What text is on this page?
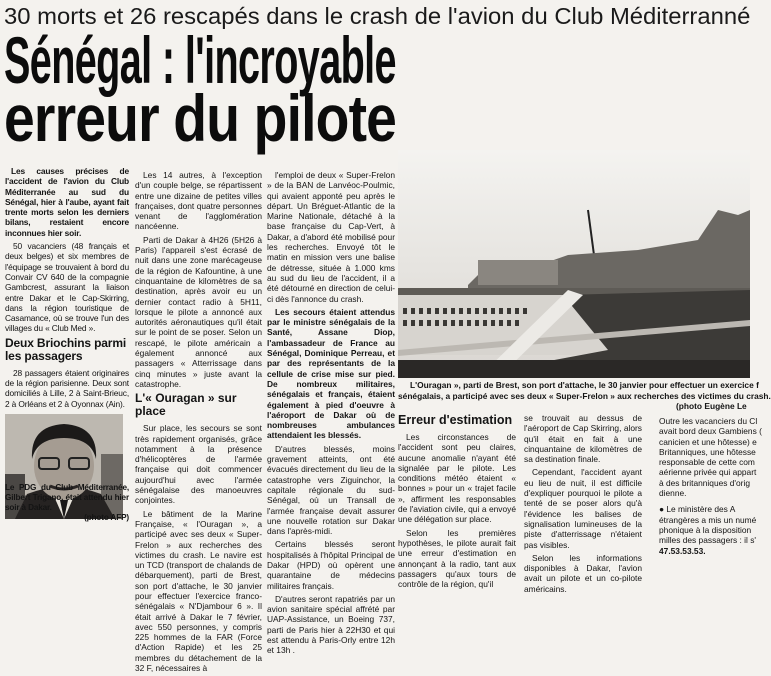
30 morts et 26 rescapés dans le crash de l'avion du Club Méditerranné
Sénégal : l'incroyable
erreur du pilote

Les causes précises de l'accident de l'avion du Club Méditerranée au sud du Sénégal, hier à l'aube, ayant fait trente morts selon les derniers bilans, restaient encore inconnues hier soir.

50 vacanciers (48 français et deux belges) et six membres de l'équipage se trouvaient à bord du Convair CV 640 de la compagnie Gambcrest, assurant la liaison entre Dakar et le Cap-Skirring, dans la région touristique de Casamance, où se trouve l'un des villages du « Club Med ».

Deux Briochins parmi les passagers

28 passagers étaient originaires de la région parisienne. Deux sont domiciliés à Lille, 2 à Saint-Brieuc, 2 à Orléans et 2 à Oyonnax (Ain).

Le PDG du Club Méditerranée, Gilbert Trigano, était attendu hier soir à Dakar.
(photo AFP)

Les 14 autres, à l'exception d'un couple belge, se répartissent entre une dizaine de petites villes françaises, dont quatre personnes venant de l'agglomération nancéenne.

Parti de Dakar à 4H26 (5H26 à Paris) l'appareil s'est écrasé de nuit dans une zone marécageuse de la région de Kafountine, à une cinquantaine de kilomètres de sa destination, après avoir eu un dernier contact radio à 5H11, lorsque le pilote a annoncé aux autorités aéronautiques qu'il était sur le point de se poser. Selon un rescapé, le pilote américain a également annoncé aux passagers « Atterrissage dans cinq minutes » juste avant la catastrophe.

L'« Ouragan » sur place

Sur place, les secours se sont très rapidement organisés, grâce notamment à la présence d'hélicoptères de l'armée française qui doit commencer aujourd'hui avec l'armée sénégalaise des manoeuvres conjointes.

Le bâtiment de la Marine Française, « l'Ouragan », a participé avec ses deux « Super-Frelon » aux recherches des victimes du crash. Le navire est un TCD (transport de chalands de débarquement), parti de Brest, son port d'attache, le 30 janvier pour effectuer l'exercice franco-sénégalais « N'Djambour 6 ». Il était arrivé à Dakar le 7 février, avec 550 personnes, y compris 225 hommes de la FAR (Force d'Action Rapide) et les 25 membres du détachement de la 32 F, nécessaires à

l'emploi de deux « Super-Frelon » de la BAN de Lanvéoc-Poulmic, qui avaient apponté peu après le départ. Un Bréguet-Atlantic de la Marine Nationale, détaché à la base française du Cap-Vert, à Dakar, a d'abord été mobilisé pour les recherches. Envoyé tôt le matin en mission vers une balise de détresse, située à 1.000 kms au sud du lieu de l'accident, il a été détourné en direction de celui-ci dès l'annonce du crash.

Les secours étaient attendus par le ministre sénégalais de la Santé, Assane Diop, l'ambassadeur de France au Sénégal, Dominique Perreau, et par des représentants de la cellule de crise mise sur pied. De nombreux militaires, sénégalais et français, étaient également à pied d'oeuvre à l'aéroport de Dakar où de nombreuses ambulances attendaient les blessés.

D'autres blessés, moins gravement atteints, ont été évacués directement du lieu de la catastrophe vers Ziguinchor, la capitale régionale du sud-Sénégal, où un Transall de l'armée française devait assurer une nouvelle rotation sur Dakar dans l'après-midi.

Certains blessés seront hospitalisés à l'hôpital Principal de Dakar (HPD) où opèrent une quarantaine de médecins militaires français.

D'autres seront rapatriés par un avion sanitaire spécial affrété par UAP-Assistance, un Boeing 737, parti de Paris hier à 22H30 et qui est attendu à Paris-Orly entre 12h et 13h .

L'Ouragan », parti de Brest, son port d'attache, le 30 janvier pour effectuer un exercice f
sénégalais, a participé avec ses deux « Super-Frelon » aux recherches des victimes du crash.
(photo Eugène Le
Erreur d'estimation

Les circonstances de l'accident sont peu claires, aucune anomalie n'ayant été signalée par le pilote. Les conditions météo étaient « bonnes » pour un « trajet facile », affirment les responsables de l'aviation civile, qui a envoyé une délégation sur place.

Selon les premières hypothèses, le pilote aurait fait une erreur d'estimation en annonçant à la radio, tant aux passagers qu'aux tours de contrôle de la région, qu'il

se trouvait au dessus de l'aéroport de Cap Skirring, alors qu'il était en fait à une cinquantaine de kilomètres de sa destination finale.

Cependant, l'accident ayant eu lieu de nuit, il est difficile d'expliquer pourquoi le pilote a tenté de se poser alors qu'à l'évidence les balises de signalisation lumineuses de la piste d'atterrissage n'étaient pas visibles.

Selon les informations disponibles à Dakar, l'avion avait un pilote et un co-pilote américains.

Outre les vacanciers du Cl
avait bord deux Gambiens (
canicien et une hôtesse) e
Britanniques, une hôtesse
responsable de cette com
aérienne privée qui appart
à des britanniques d'orig
dienne.
● Le ministère des A
étrangères a mis un numé
phonique à la disposition
milles des passagers : il s'
47.53.53.53.
